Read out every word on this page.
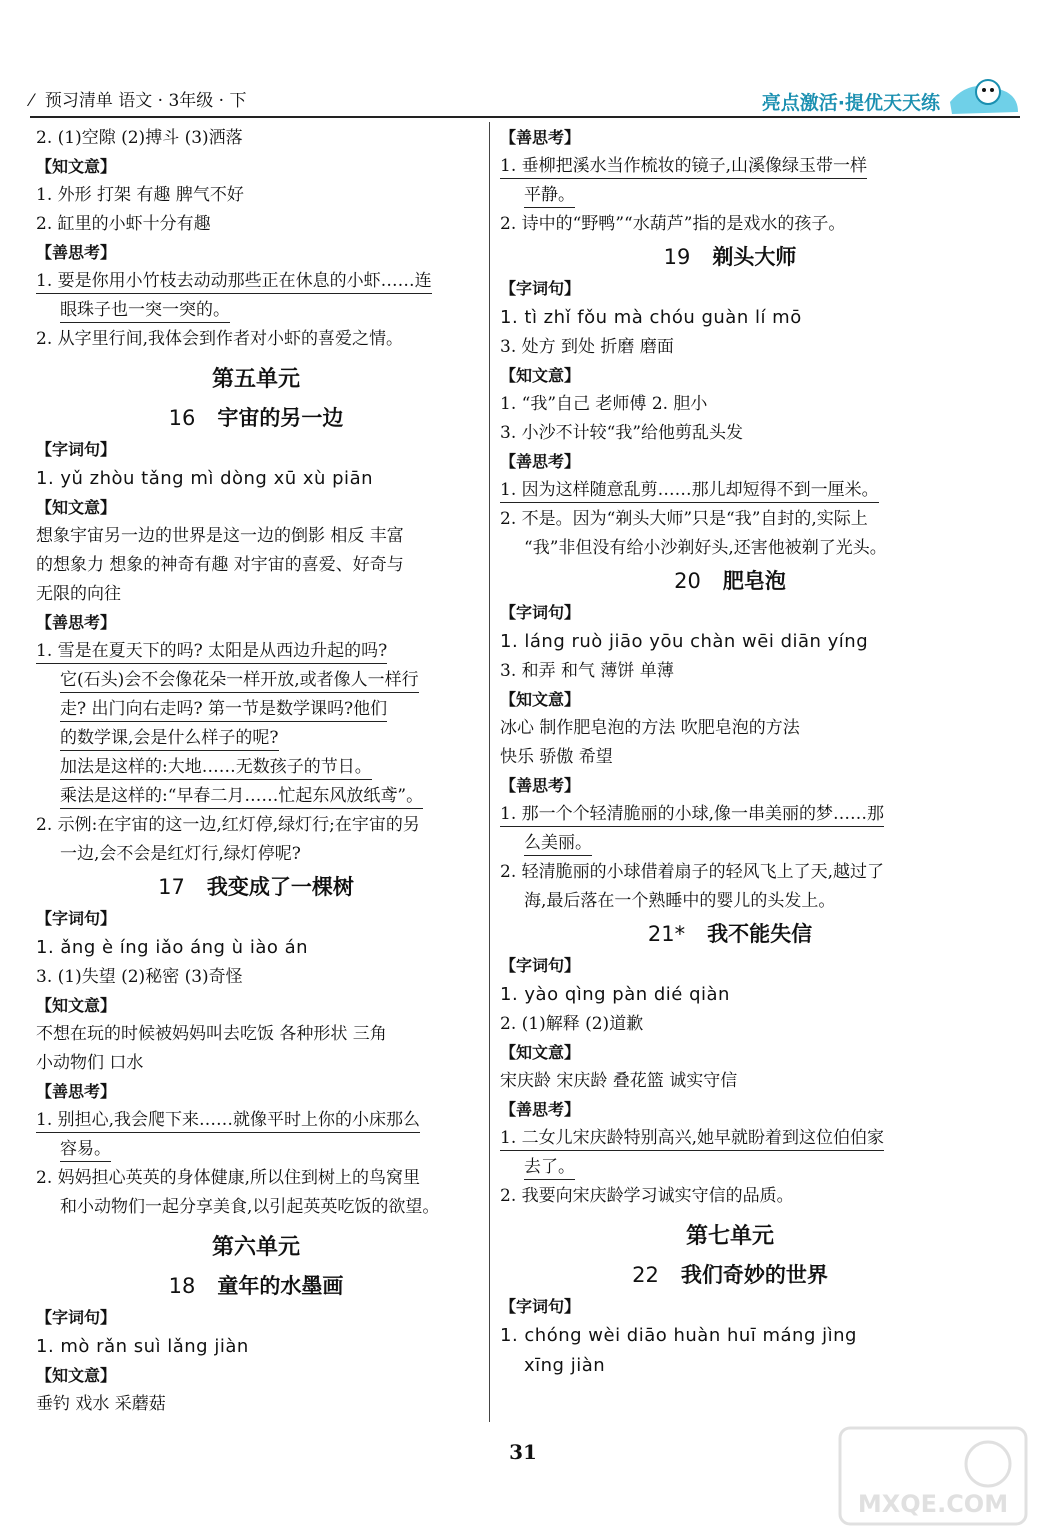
⁄ 预习清单 语文 · 3年级 · 下	亮点激活·提优天天练
2. (1)空隙 (2)搏斗 (3)洒落
【知文意】
1. 外形 打架 有趣 脾气不好
2. 缸里的小虾十分有趣
【善思考】
1. 要是你用小竹枝去动动那些正在休息的小虾……连
眼珠子也一突一突的。
2. 从字里行间,我体会到作者对小虾的喜爱之情。
第五单元
16 宇宙的另一边
【字词句】
1. yǔ zhòu tǎng mì dòng xū xù piān
【知文意】
想象宇宙另一边的世界是这一边的倒影 相反 丰富
的想象力 想象的神奇有趣 对宇宙的喜爱、好奇与
无限的向往
【善思考】
1. 雪是在夏天下的吗? 太阳是从西边升起的吗?
它(石头)会不会像花朵一样开放,或者像人一样行
走? 出门向右走吗? 第一节是数学课吗?他们
的数学课,会是什么样子的呢?
加法是这样的:大地……无数孩子的节日。
乘法是这样的:“早春二月……忙起东风放纸鸢”。
2. 示例:在宇宙的这一边,红灯停,绿灯行;在宇宙的另
一边,会不会是红灯行,绿灯停呢?
17 我变成了一棵树
【字词句】
1. ǎng è íng iǎo áng ù iào án
3. (1)失望 (2)秘密 (3)奇怪
【知文意】
不想在玩的时候被妈妈叫去吃饭 各种形状 三角
小动物们 口水
【善思考】
1. 别担心,我会爬下来……就像平时上你的小床那么
容易。
2. 妈妈担心英英的身体健康,所以住到树上的鸟窝里
和小动物们一起分享美食,以引起英英吃饭的欲望。
第六单元
18 童年的水墨画
【字词句】
1. mò rǎn suì lǎng jiàn
【知文意】
垂钓 戏水 采蘑菇
【善思考】
1. 垂柳把溪水当作梳妆的镜子,山溪像绿玉带一样
平静。
2. 诗中的“野鸭”“水葫芦”指的是戏水的孩子。
19 剃头大师
【字词句】
1. tì zhǐ fǒu mà chóu guàn lí mō
3. 处方 到处 折磨 磨面
【知文意】
1. “我”自己 老师傅 2. 胆小
3. 小沙不计较“我”给他剪乱头发
【善思考】
1. 因为这样随意乱剪……那儿却短得不到一厘米。
2. 不是。因为“剃头大师”只是“我”自封的,实际上
“我”非但没有给小沙剃好头,还害他被剃了光头。
20 肥皂泡
【字词句】
1. láng ruò jiāo yōu chàn wēi diān yíng
3. 和弄 和气 薄饼 单薄
【知文意】
冰心 制作肥皂泡的方法 吹肥皂泡的方法
快乐 骄傲 希望
【善思考】
1. 那一个个轻清脆丽的小球,像一串美丽的梦……那
么美丽。
2. 轻清脆丽的小球借着扇子的轻风飞上了天,越过了
海,最后落在一个熟睡中的婴儿的头发上。
21* 我不能失信
【字词句】
1. yào qìng pàn dié qiàn
2. (1)解释 (2)道歉
【知文意】
宋庆龄 宋庆龄 叠花篮 诚实守信
【善思考】
1. 二女儿宋庆龄特别高兴,她早就盼着到这位伯伯家
去了。
2. 我要向宋庆龄学习诚实守信的品质。
第七单元
22 我们奇妙的世界
【字词句】
1. chóng wèi diāo huàn huī máng jìng
xīng jiàn
31
MXQE.COM
